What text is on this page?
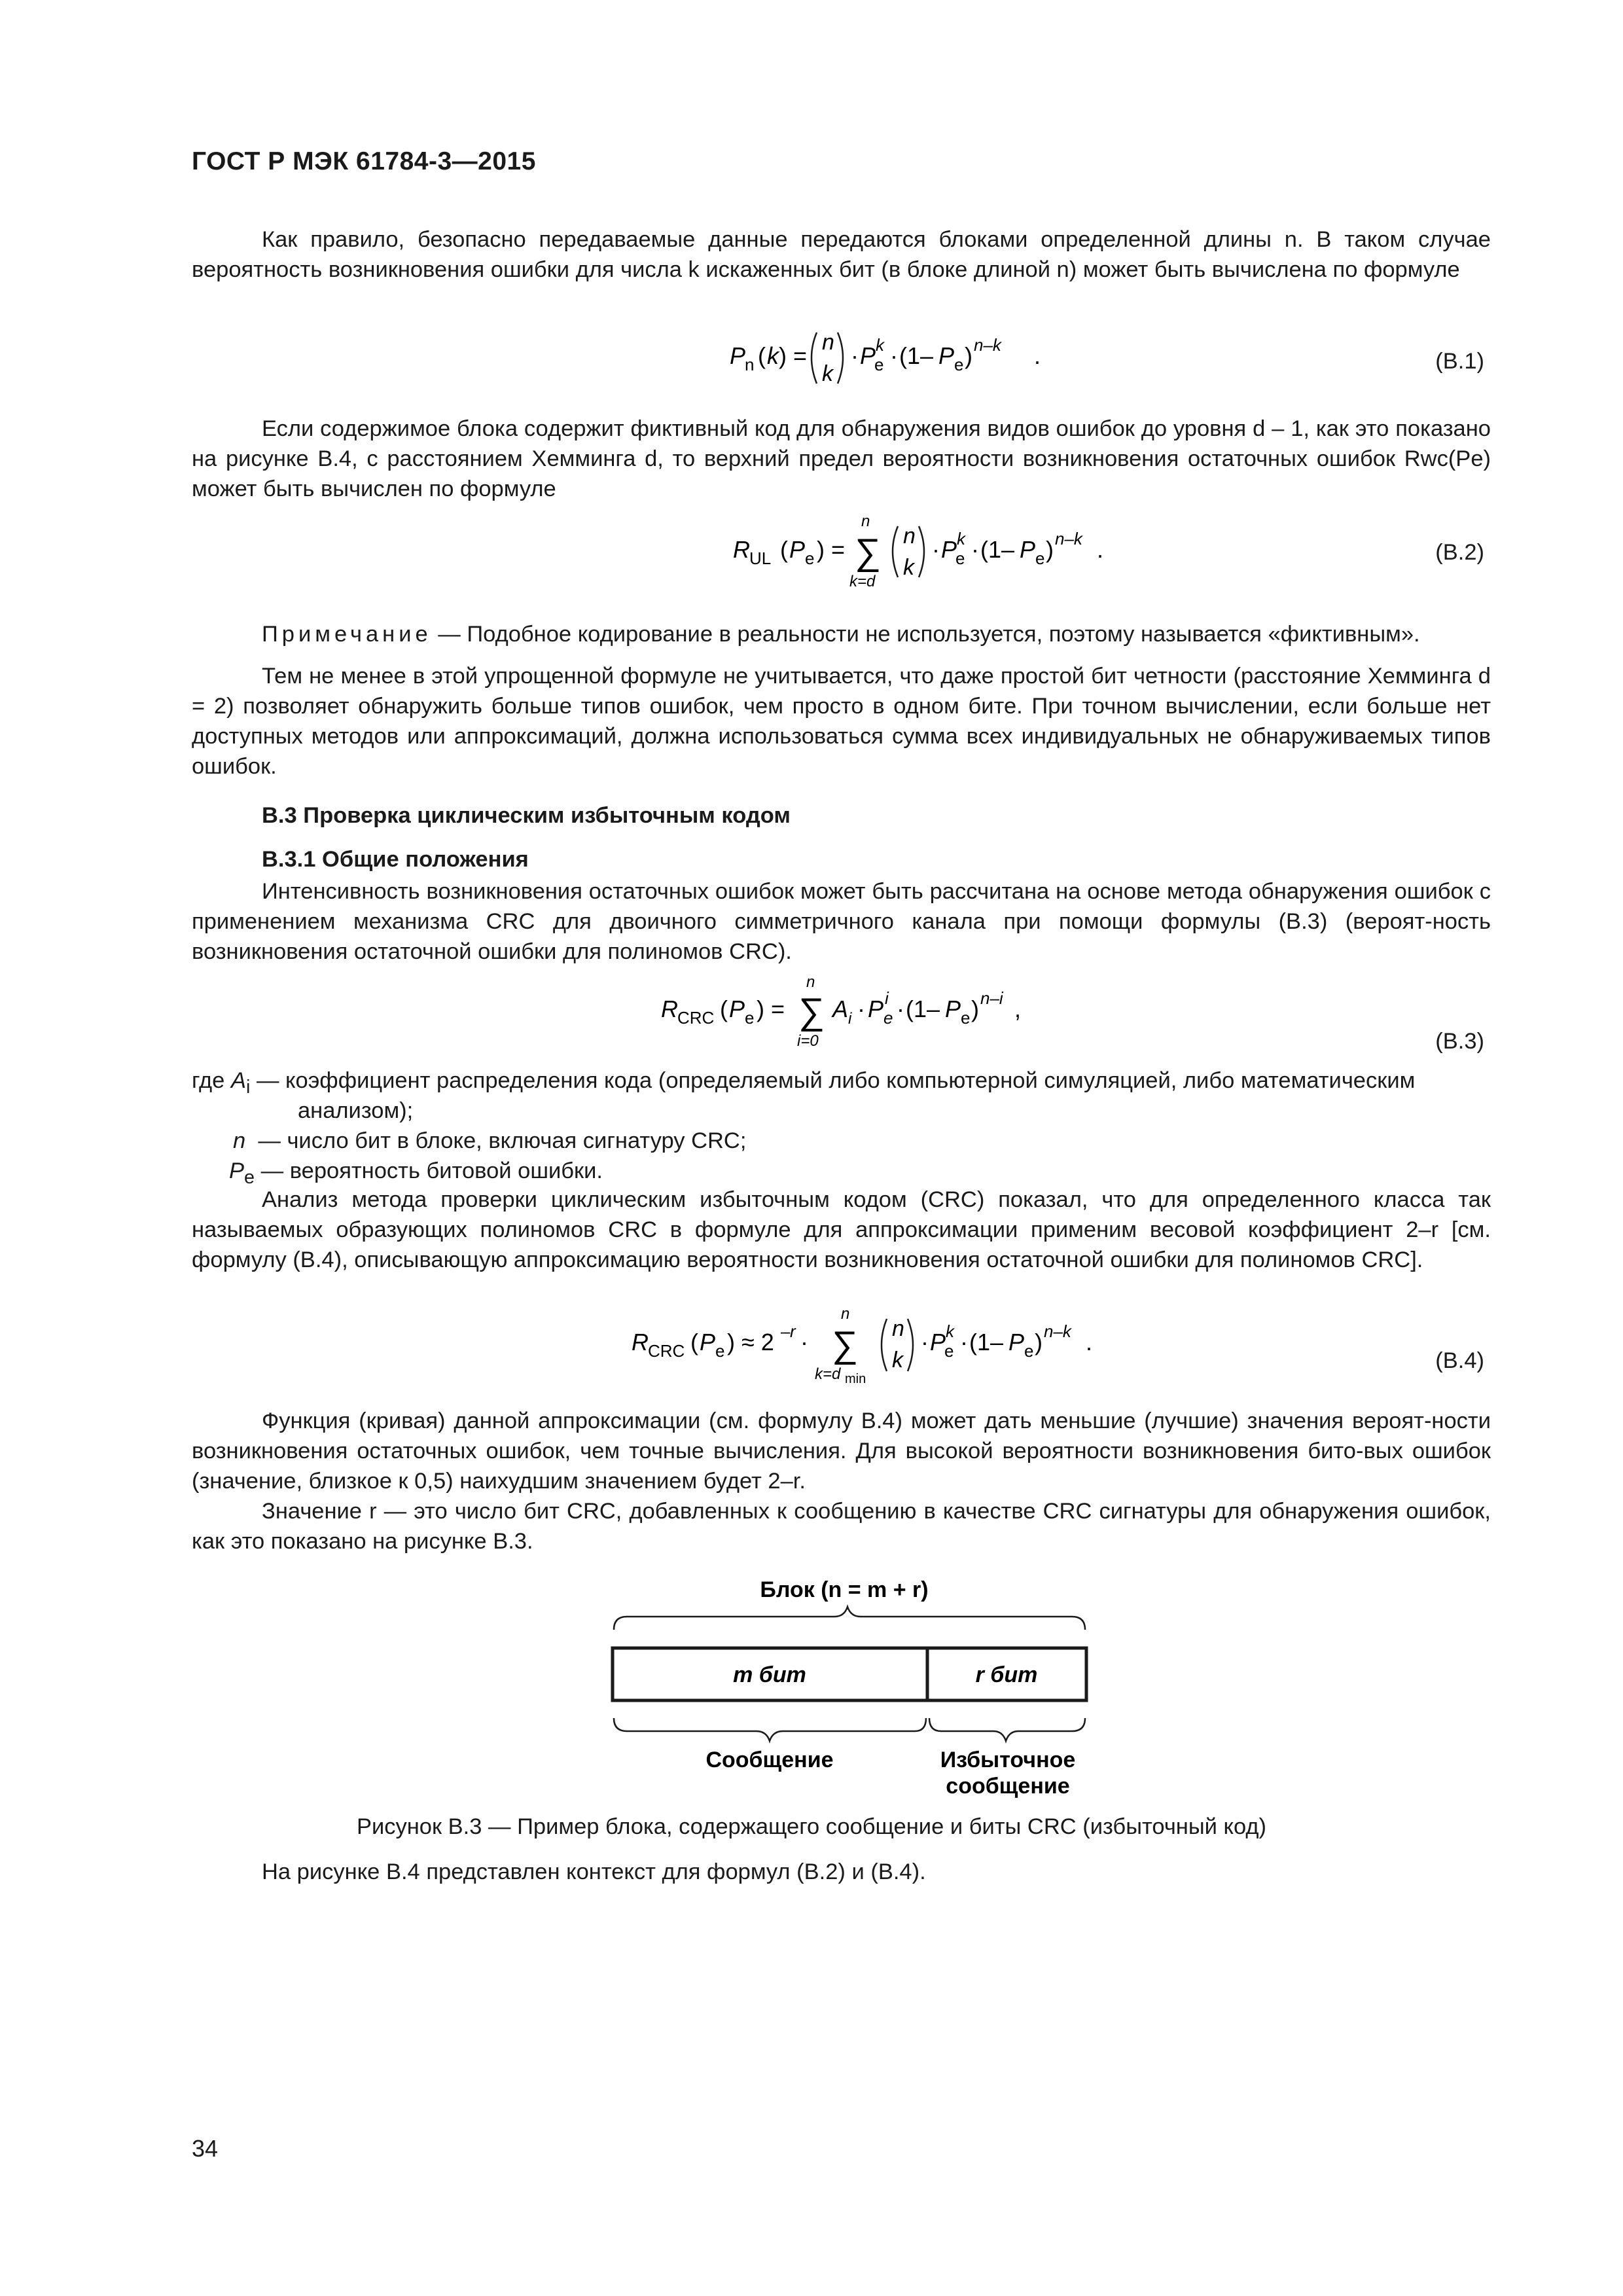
ГОСТ Р МЭК 61784-3—2015

Как правило, безопасно передаваемые данные передаются блоками определенной длины n. В таком случае вероятность возникновения ошибки для числа k искаженных бит (в блоке длиной n) может быть вычислена по формуле

P
n ( k ) = n
k
· P
e
k · (1– P e ) n–k .	(B.1)

Если содержимое блока содержит фиктивный код для обнаружения видов ошибок до уровня d – 1, как это показано на рисунке B.4, с расстоянием Хемминга d, то верхний предел вероятности возникновения остаточных ошибок Rwc(Pe) может быть вычислен по формуле

R UL ( P e ) =
n
∑
k=d
n
k
· P
e
k · (1– P e ) n–k .	(B.2)

Примечание — Подобное кодирование в реальности не используется, поэтому называется «фиктивным».

Тем не менее в этой упрощенной формуле не учитывается, что даже простой бит четности (расстояние Хемминга d = 2) позволяет обнаружить больше типов ошибок, чем просто в одном бите. При точном вычислении, если больше нет доступных методов или аппроксимаций, должна использоваться сумма всех индивидуальных не обнаруживаемых типов ошибок.

B.3 Проверка циклическим избыточным кодом
B.3.1 Общие положения

Интенсивность возникновения остаточных ошибок может быть рассчитана на основе метода обнаружения ошибок с применением механизма CRC для двоичного симметричного канала при помощи формулы (B.3) (вероят-ность возникновения остаточной ошибки для полиномов CRC).

R CRC ( P e ) =
n
∑
i=0
A i · P e
i · (1– P e ) n–i ,
(B.3)
где $A_i$ — коэффициент распределения кода (определяемый либо компьютерной симуляцией, либо математическим
анализом);
n — число бит в блоке, включая сигнатуру CRC;
$P_e$ — вероятность битовой ошибки.

Анализ метода проверки циклическим избыточным кодом (CRC) показал, что для определенного класса так называемых образующих полиномов CRC в формуле для аппроксимации применим весовой коэффициент 2–r [см. формулу (B.4), описывающую аппроксимацию вероятности возникновения остаточной ошибки для полиномов CRC].

R CRC ( P e ) ≈ 2 – r ·
n
∑
k=d min
n
k
· P
e
k · (1– P e ) n–k .
(B.4)

Функция (кривая) данной аппроксимации (см. формулу B.4) может дать меньшие (лучшие) значения вероят-ности возникновения остаточных ошибок, чем точные вычисления. Для высокой вероятности возникновения бито-вых ошибок (значение, близкое к 0,5) наихудшим значением будет 2–r.

Значение r — это число бит CRC, добавленных к сообщению в качестве CRC сигнатуры для обнаружения ошибок, как это показано на рисунке B.3.

Блок (n = m + r)
m бит	r бит
Сообщение	Избыточное
сообщение
Рисунок B.3 — Пример блока, содержащего сообщение и биты CRC (избыточный код)

На рисунке B.4 представлен контекст для формул (B.2) и (B.4).

34
